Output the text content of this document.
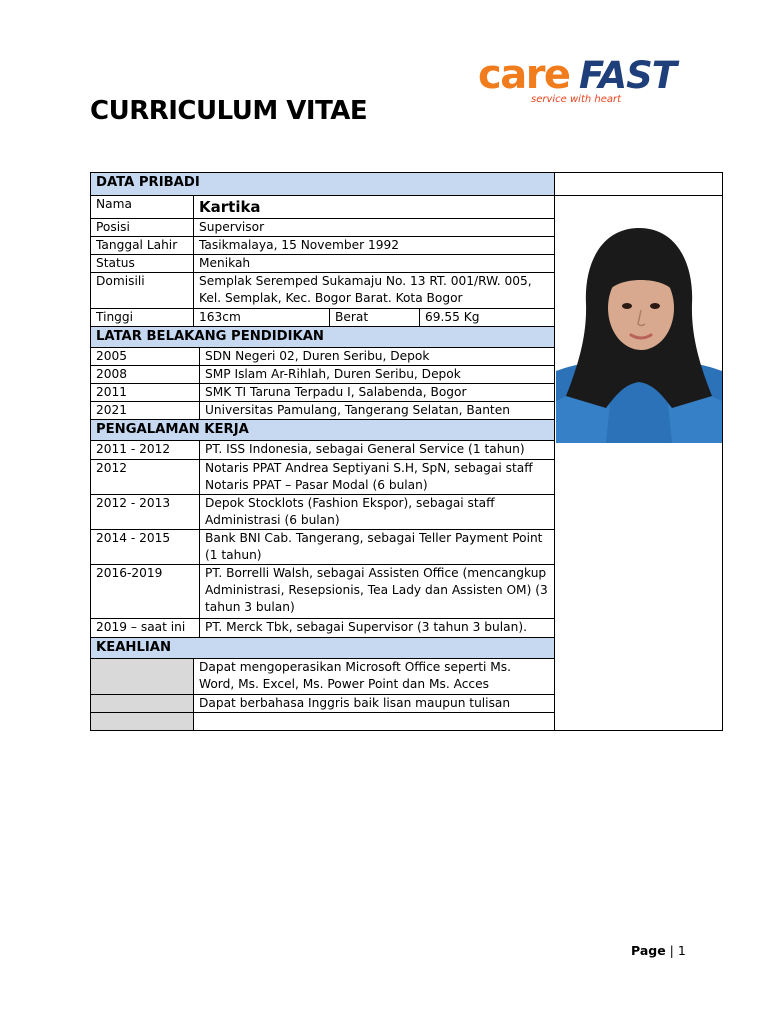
care FAST
service with heart
CURRICULUM VITAE
DATA PRIBADI
Nama	Kartika
Posisi	Supervisor
Tanggal Lahir	Tasikmalaya, 15 November 1992
Status	Menikah
Domisili	Semplak Seremped Sukamaju No. 13 RT. 001/RW. 005, Kel. Semplak, Kec. Bogor Barat. Kota Bogor
Tinggi	163cm	Berat	69.55 Kg
LATAR BELAKANG PENDIDIKAN
2005	SDN Negeri 02, Duren Seribu, Depok
2008	SMP Islam Ar-Rihlah, Duren Seribu, Depok
2011	SMK TI Taruna Terpadu I, Salabenda, Bogor
2021	Universitas Pamulang, Tangerang Selatan, Banten
PENGALAMAN KERJA
2011 - 2012	PT. ISS Indonesia, sebagai General Service (1 tahun)
2012	Notaris PPAT Andrea Septiyani S.H, SpN, sebagai staff Notaris PPAT – Pasar Modal (6 bulan)
2012 - 2013	Depok Stocklots (Fashion Ekspor), sebagai staff Administrasi (6 bulan)
2014 - 2015	Bank BNI Cab. Tangerang, sebagai Teller Payment Point (1 tahun)
2016-2019	PT. Borrelli Walsh, sebagai Assisten Office (mencangkup Administrasi, Resepsionis, Tea Lady dan Assisten OM) (3 tahun 3 bulan)
2019 – saat ini	PT. Merck Tbk, sebagai Supervisor (3 tahun 3 bulan).
KEAHLIAN
Dapat mengoperasikan Microsoft Office seperti Ms. Word, Ms. Excel, Ms. Power Point dan Ms. Acces
Dapat berbahasa Inggris baik lisan maupun tulisan
Page | 1
